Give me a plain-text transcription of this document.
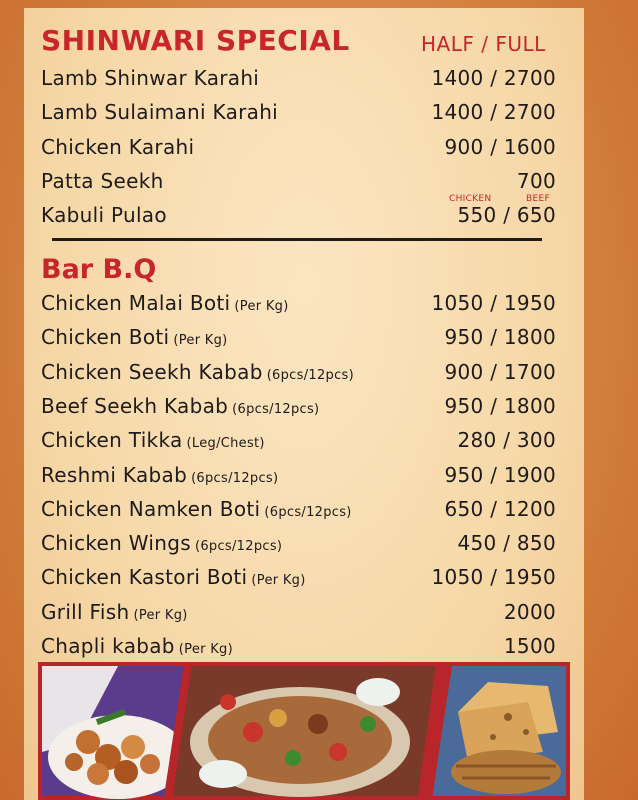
SHINWARI SPECIAL	HALF / FULL
Lamb Shinwar Karahi	1400 / 2700
Lamb Sulaimani Karahi	1400 / 2700
Chicken Karahi	900 / 1600
Patta Seekh	700
Kabuli Pulao	550 / 650
CHICKEN	BEEF
Bar B.Q
Chicken Malai Boti (Per Kg)	1050 / 1950
Chicken Boti (Per Kg)	950 / 1800
Chicken Seekh Kabab (6pcs/12pcs)	900 / 1700
Beef Seekh Kabab (6pcs/12pcs)	950 / 1800
Chicken Tikka (Leg/Chest)	280 / 300
Reshmi Kabab (6pcs/12pcs)	950 / 1900
Chicken Namken Boti (6pcs/12pcs)	650 / 1200
Chicken Wings (6pcs/12pcs)	450 / 850
Chicken Kastori Boti (Per Kg)	1050 / 1950
Grill Fish (Per Kg)	2000
Chapli kabab (Per Kg)	1500
